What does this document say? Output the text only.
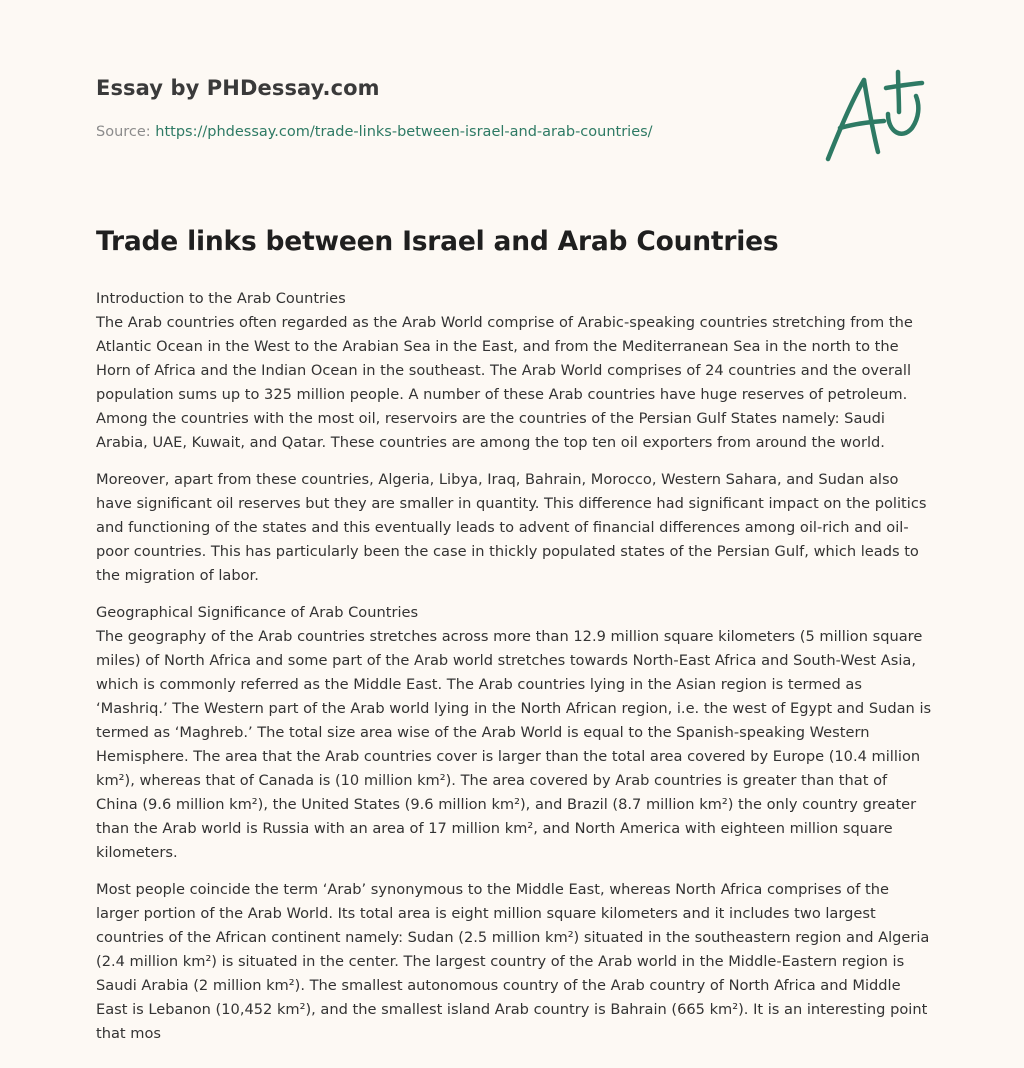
Essay by PHDessay.com

Source: https://phdessay.com/trade-links-between-israel-and-arab-countries/

Trade links between Israel and Arab Countries

Introduction to the Arab Countries
The Arab countries often regarded as the Arab World comprise of Arabic-speaking countries stretching from the Atlantic Ocean in the West to the Arabian Sea in the East, and from the Mediterranean Sea in the north to the Horn of Africa and the Indian Ocean in the southeast. The Arab World comprises of 24 countries and the overall population sums up to 325 million people. A number of these Arab countries have huge reserves of petroleum. Among the countries with the most oil, reservoirs are the countries of the Persian Gulf States namely: Saudi Arabia, UAE, Kuwait, and Qatar. These countries are among the top ten oil exporters from around the world.

Moreover, apart from these countries, Algeria, Libya, Iraq, Bahrain, Morocco, Western Sahara, and Sudan also have significant oil reserves but they are smaller in quantity. This difference had significant impact on the politics and functioning of the states and this eventually leads to advent of financial differences among oil-rich and oil-poor countries. This has particularly been the case in thickly populated states of the Persian Gulf, which leads to the migration of labor.

Geographical Significance of Arab Countries
The geography of the Arab countries stretches across more than 12.9 million square kilometers (5 million square miles) of North Africa and some part of the Arab world stretches towards North-East Africa and South-West Asia, which is commonly referred as the Middle East. The Arab countries lying in the Asian region is termed as ‘Mashriq.’ The Western part of the Arab world lying in the North African region, i.e. the west of Egypt and Sudan is termed as ‘Maghreb.’ The total size area wise of the Arab World is equal to the Spanish-speaking Western Hemisphere. The area that the Arab countries cover is larger than the total area covered by Europe (10.4 million km²), whereas that of Canada is (10 million km²). The area covered by Arab countries is greater than that of China (9.6 million km²), the United States (9.6 million km²), and Brazil (8.7 million km²) the only country greater than the Arab world is Russia with an area of 17 million km², and North America with eighteen million square kilometers.

Most people coincide the term ‘Arab’ synonymous to the Middle East, whereas North Africa comprises of the larger portion of the Arab World. Its total area is eight million square kilometers and it includes two largest countries of the African continent namely: Sudan (2.5 million km²) situated in the southeastern region and Algeria (2.4 million km²) is situated in the center. The largest country of the Arab world in the Middle-Eastern region is Saudi Arabia (2 million km²). The smallest autonomous country of the Arab country of North Africa and Middle East is Lebanon (10,452 km²), and the smallest island Arab country is Bahrain (665 km²). It is an interesting point that mos
